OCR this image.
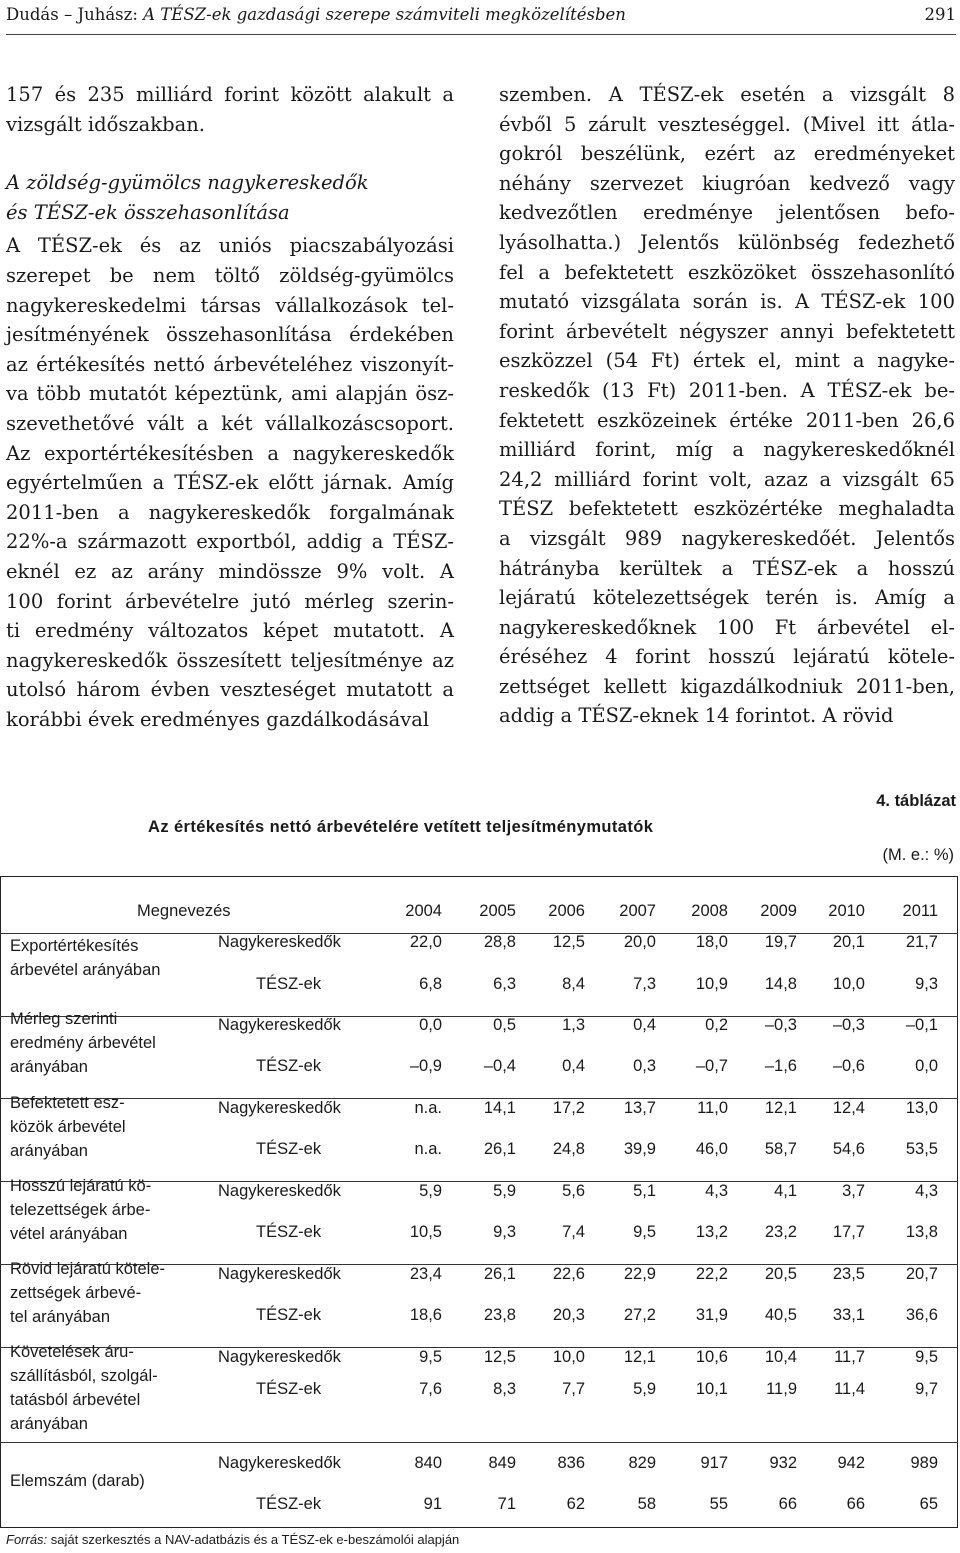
Dudás – Juhász: A TÉSZ-ek gazdasági szerepe számviteli megközelítésben	291

157 és 235 milliárd forint között alakult a
vizsgált időszakban.

A zöldség-gyümölcs nagykereskedők
és TÉSZ-ek összehasonlítása

A TÉSZ-ek és az uniós piacszabályozási
szerepet be nem töltő zöldség-gyümölcs
nagykereskedelmi társas vállalkozások tel-
jesítményének összehasonlítása érdekében
az értékesítés nettó árbevételéhez viszonyít-
va több mutatót képeztünk, ami alapján ösz-
szevethetővé vált a két vállalkozáscsoport.
Az exportértékesítésben a nagykereskedők
egyértelműen a TÉSZ-ek előtt járnak. Amíg
2011-ben a nagykereskedők forgalmának
22%-a származott exportból, addig a TÉSZ-
eknél ez az arány mindössze 9% volt. A
100 forint árbevételre jutó mérleg szerin-
ti eredmény változatos képet mutatott. A
nagykereskedők összesített teljesítménye az
utolsó három évben veszteséget mutatott a
korábbi évek eredményes gazdálkodásával

szemben. A TÉSZ-ek esetén a vizsgált 8
évből 5 zárult veszteséggel. (Mivel itt átla-
gokról beszélünk, ezért az eredményeket
néhány szervezet kiugróan kedvező vagy
kedvezőtlen eredménye jelentősen befo-
lyásolhatta.) Jelentős különbség fedezhető
fel a befektetett eszközöket összehasonlító
mutató vizsgálata során is. A TÉSZ-ek 100
forint árbevételt négyszer annyi befektetett
eszközzel (54 Ft) értek el, mint a nagyke-
reskedők (13 Ft) 2011-ben. A TÉSZ-ek be-
fektetett eszközeinek értéke 2011-ben 26,6
milliárd forint, míg a nagykereskedőknél
24,2 milliárd forint volt, azaz a vizsgált 65
TÉSZ befektetett eszközértéke meghaladta
a vizsgált 989 nagykereskedőét. Jelentős
hátrányba kerültek a TÉSZ-ek a hosszú
lejáratú kötelezettségek terén is. Amíg a
nagykereskedőknek 100 Ft árbevétel el-
éréséhez 4 forint hosszú lejáratú kötele-
zettséget kellett kigazdálkodniuk 2011-ben,
addig a TÉSZ-eknek 14 forintot. A rövid

4. táblázat
Az értékesítés nettó árbevételére vetített teljesítménymutatók
(M. e.: %)
Megnevezés	2004	2005	2006	2007	2008	2009	2010	2011
Exportértékesítés
árbevétel arányában
Nagykereskedők	22,0	28,8	12,5	20,0	18,0	19,7	20,1	21,7
TÉSZ-ek	6,8	6,3	8,4	7,3	10,9	14,8	10,0	9,3
Mérleg szerinti
eredmény árbevétel
arányában
Nagykereskedők	0,0	0,5	1,3	0,4	0,2	–0,3	–0,3	–0,1
TÉSZ-ek	–0,9	–0,4	0,4	0,3	–0,7	–1,6	–0,6	0,0
Befektetett esz-
közök árbevétel
arányában
Nagykereskedők	n.a.	14,1	17,2	13,7	11,0	12,1	12,4	13,0
TÉSZ-ek	n.a.	26,1	24,8	39,9	46,0	58,7	54,6	53,5
Hosszú lejáratú kö-
telezettségek árbe-
vétel arányában
Nagykereskedők	5,9	5,9	5,6	5,1	4,3	4,1	3,7	4,3
TÉSZ-ek	10,5	9,3	7,4	9,5	13,2	23,2	17,7	13,8
Rövid lejáratú kötele-
zettségek árbevé-
tel arányában
Nagykereskedők	23,4	26,1	22,6	22,9	22,2	20,5	23,5	20,7
TÉSZ-ek	18,6	23,8	20,3	27,2	31,9	40,5	33,1	36,6
Követelések áru-
szállításból, szolgál-
tatásból árbevétel
arányában
Nagykereskedők	9,5	12,5	10,0	12,1	10,6	10,4	11,7	9,5
TÉSZ-ek	7,6	8,3	7,7	5,9	10,1	11,9	11,4	9,7
Elemszám (darab)
Nagykereskedők	840	849	836	829	917	932	942	989
TÉSZ-ek	91	71	62	58	55	66	66	65
Forrás: saját szerkesztés a NAV-adatbázis és a TÉSZ-ek e-beszámolói alapján
